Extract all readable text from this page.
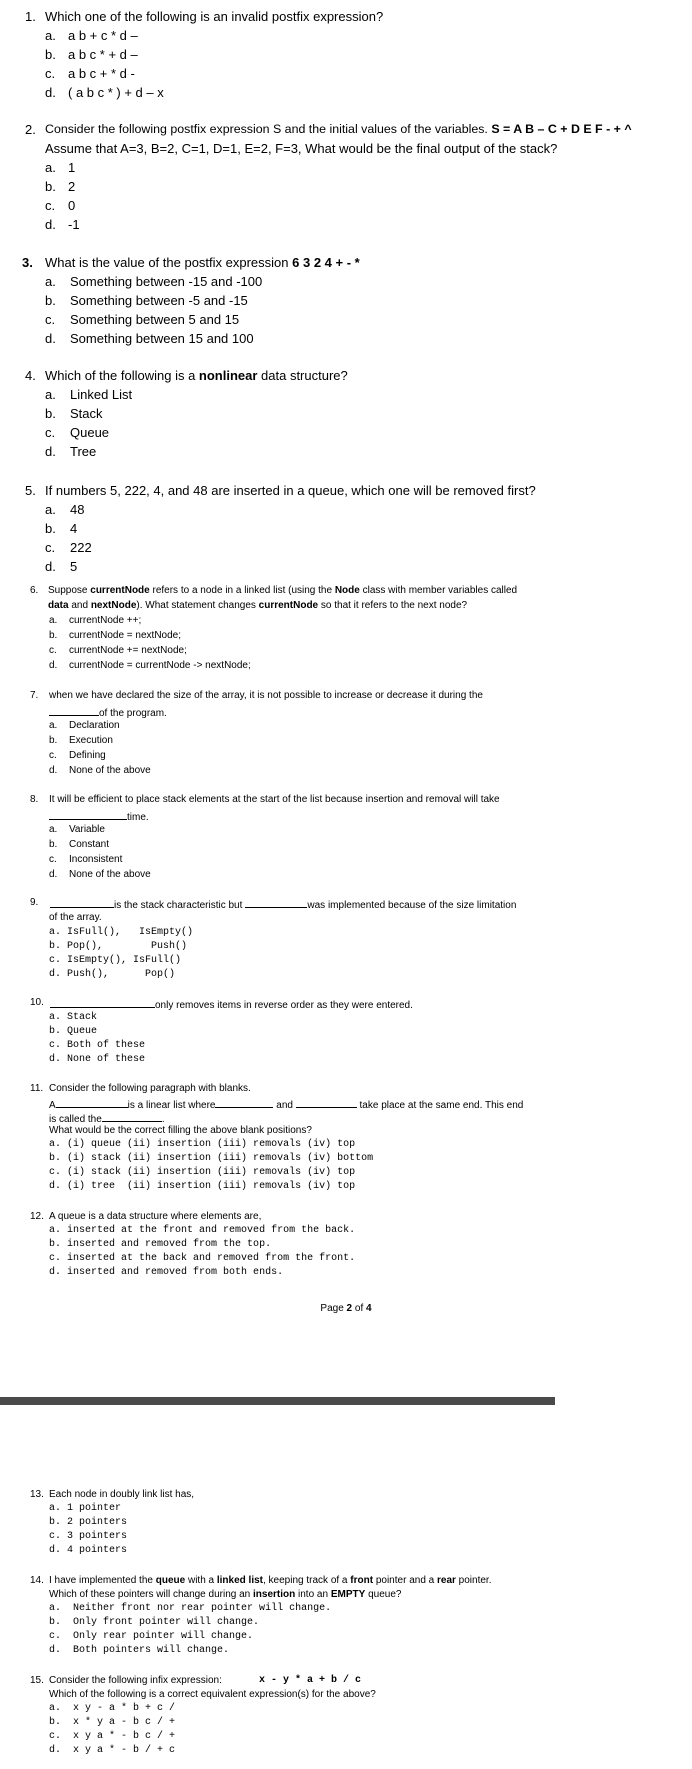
1. Which one of the following is an invalid postfix expression?
a. a b + c * d –
b. a b c * + d –
c. a b c + * d -
d. ( a b c * ) + d – x
2. Consider the following postfix expression S and the initial values of the variables. S = A B – C + D E F - + ^
Assume that A=3, B=2, C=1, D=1, E=2, F=3, What would be the final output of the stack?
a. 1
b. 2
c. 0
d. -1
3. What is the value of the postfix expression 6 3 2 4 + - *
a. Something between -15 and -100
b. Something between -5 and -15
c. Something between 5 and 15
d. Something between 15 and 100
4. Which of the following is a nonlinear data structure?
a. Linked List
b. Stack
c. Queue
d. Tree
5. If numbers 5, 222, 4, and 48 are inserted in a queue, which one will be removed first?
a. 48
b. 4
c. 222
d. 5
6. Suppose currentNode refers to a node in a linked list (using the Node class with member variables called
data and nextNode). What statement changes currentNode so that it refers to the next node?
a. currentNode ++;
b. currentNode = nextNode;
c. currentNode += nextNode;
d. currentNode = currentNode -> nextNode;
7. when we have declared the size of the array, it is not possible to increase or decrease it during the
of the program.
a. Declaration
b. Execution
c. Defining
d. None of the above
8. It will be efficient to place stack elements at the start of the list because insertion and removal will take
time.
a. Variable
b. Constant
c. Inconsistent
d. None of the above
9.	is the stack characteristic but	was implemented because of the size limitation
of the array.
a. IsFull(),   IsEmpty()
b. Pop(),        Push()
c. IsEmpty(), IsFull()
d. Push(),      Pop()
10.	only removes items in reverse order as they were entered.
a. Stack
b. Queue
c. Both of these
d. None of these
11. Consider the following paragraph with blanks.
A	is a linear list where	and	take place at the same end. This end
is called the	.
What would be the correct filling the above blank positions?
a. (i) queue (ii) insertion (iii) removals (iv) top
b. (i) stack (ii) insertion (iii) removals (iv) bottom
c. (i) stack (ii) insertion (iii) removals (iv) top
d. (i) tree  (ii) insertion (iii) removals (iv) top
12. A queue is a data structure where elements are,
a. inserted at the front and removed from the back.
b. inserted and removed from the top.
c. inserted at the back and removed from the front.
d. inserted and removed from both ends.
Page 2 of 4
13. Each node in doubly link list has,
a. 1 pointer
b. 2 pointers
c. 3 pointers
d. 4 pointers
14. I have implemented the queue with a linked list, keeping track of a front pointer and a rear pointer.
Which of these pointers will change during an insertion into an EMPTY queue?
a. Neither front nor rear pointer will change.
b. Only front pointer will change.
c. Only rear pointer will change.
d. Both pointers will change.
15. Consider the following infix expression:	x - y * a + b / c
Which of the following is a correct equivalent expression(s) for the above?
a. x y - a * b + c /
b. x * y a - b c / +
c. x y a * - b c / +
d. x y a * - b / + c
